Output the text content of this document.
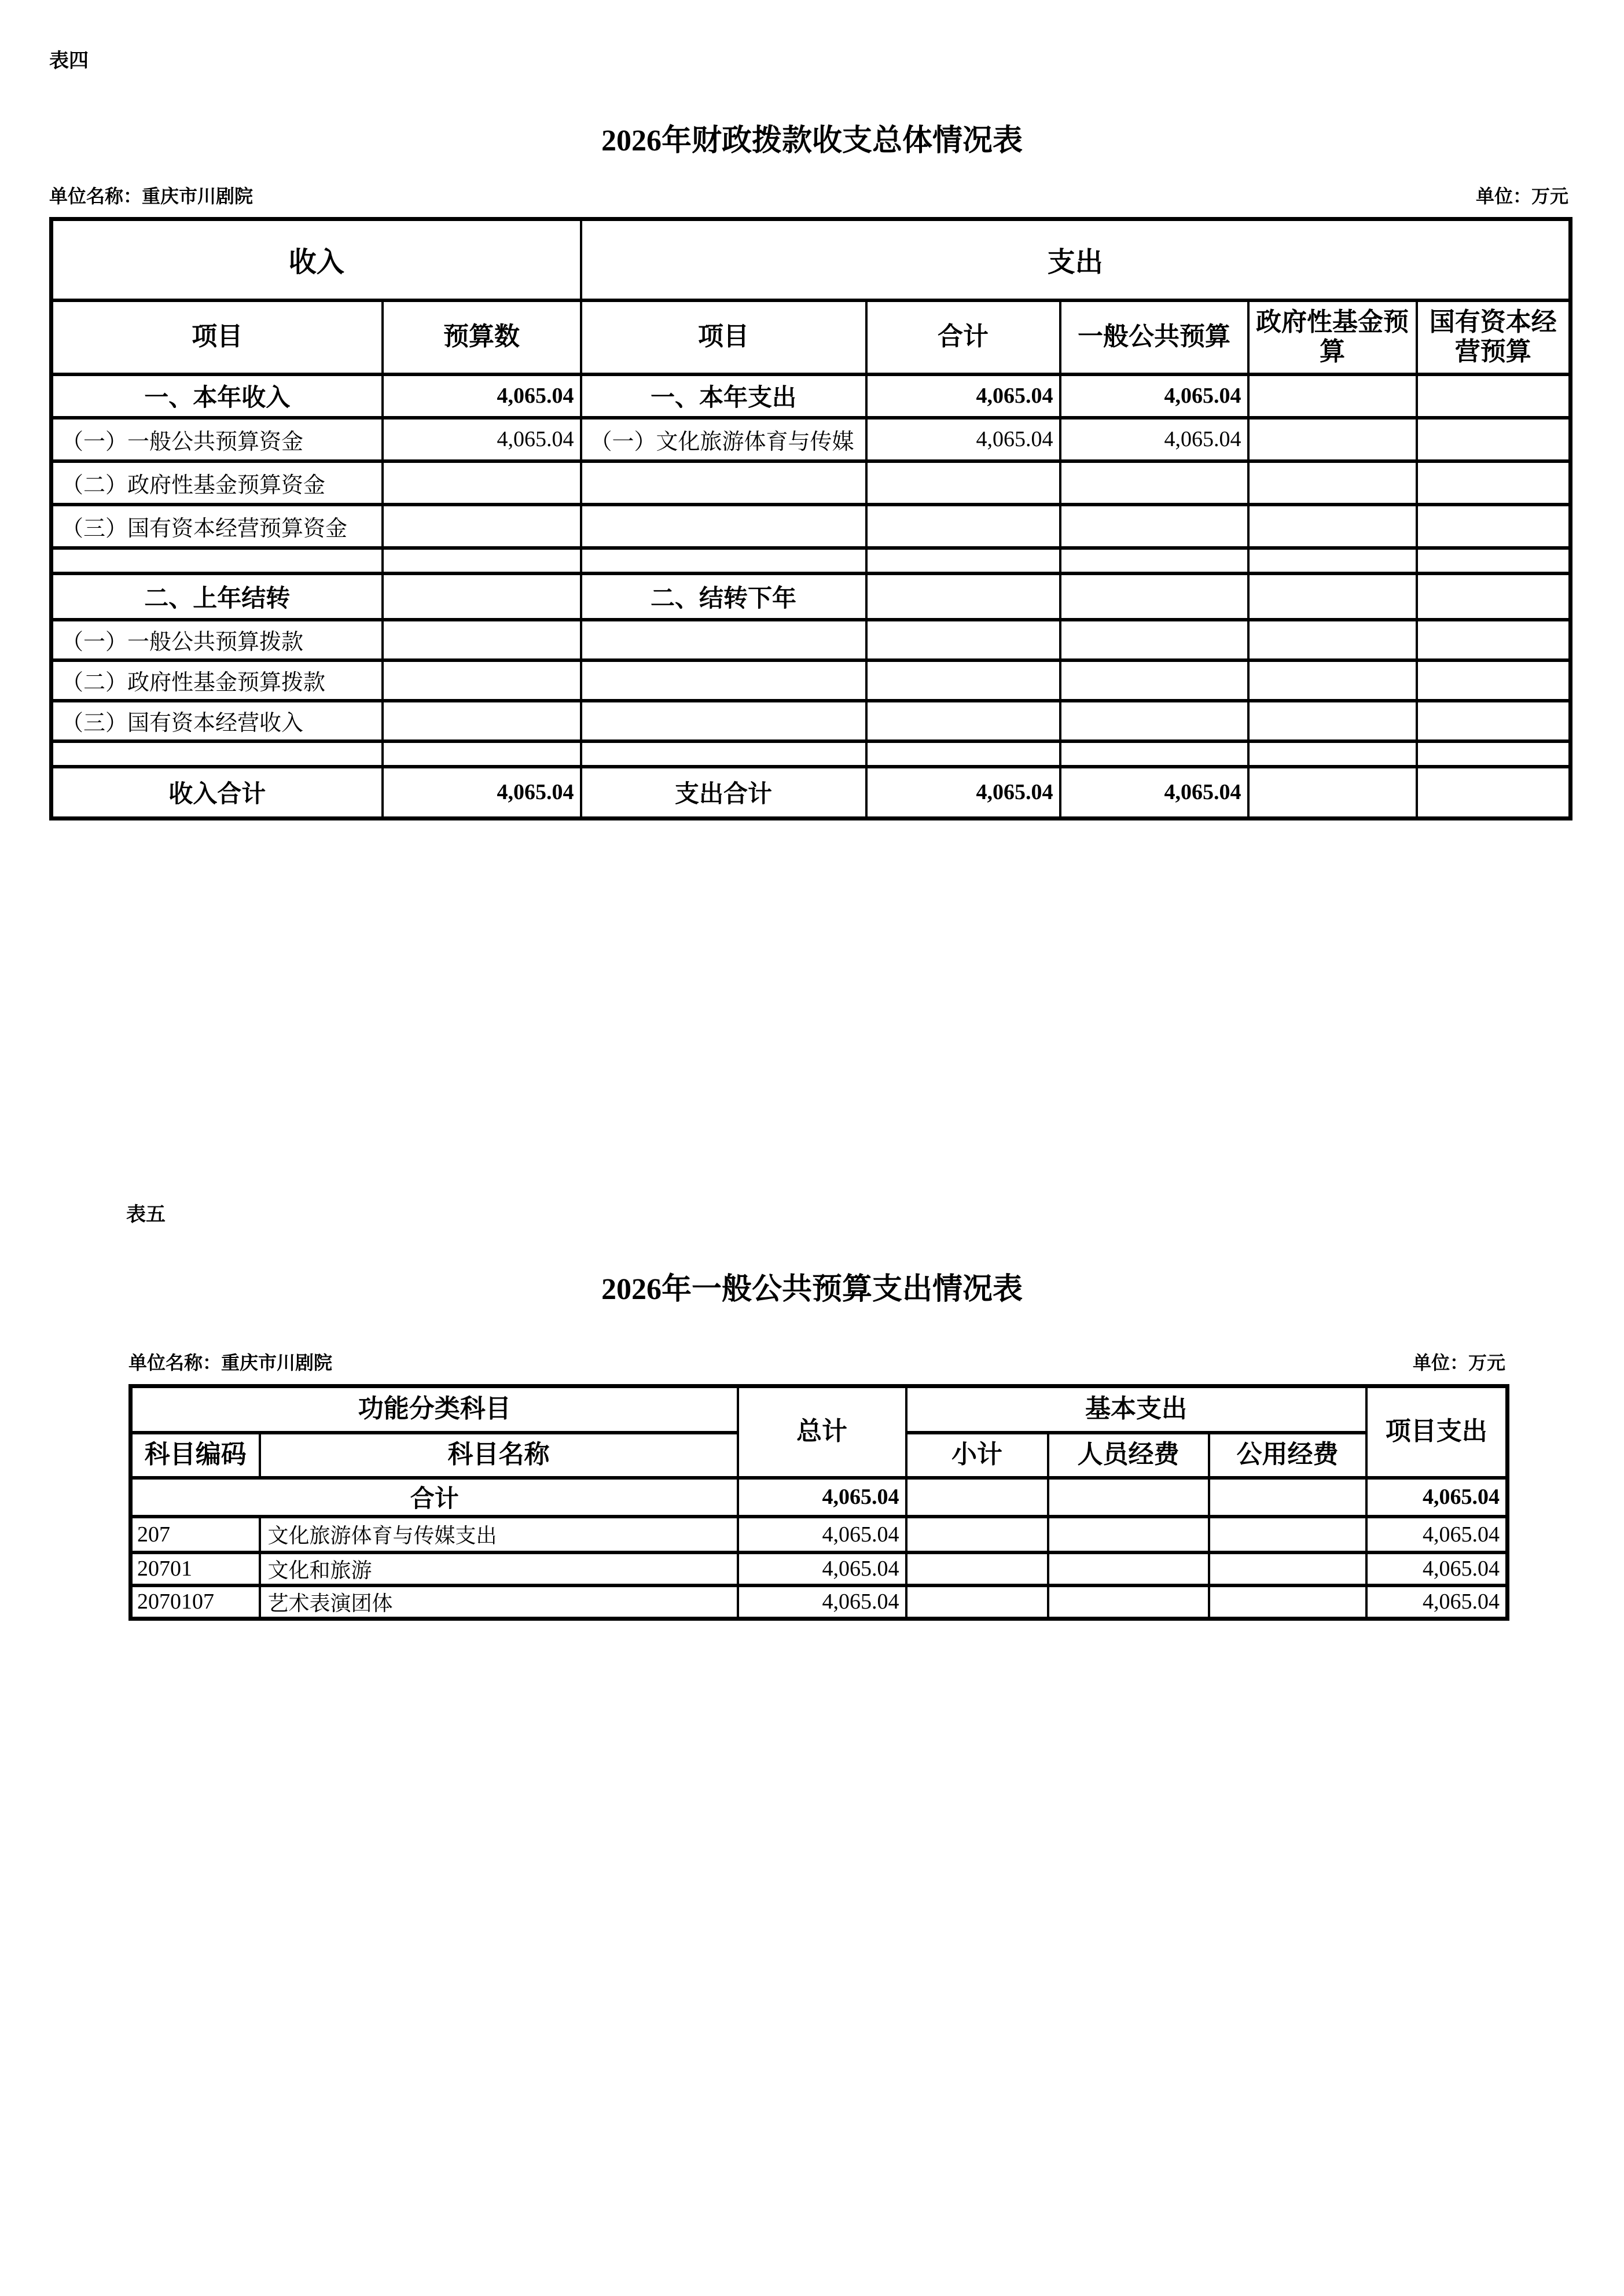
表四
2026年财政拨款收支总体情况表
单位名称：重庆市川剧院	单位：万元
收入		支出				
项目	预算数	项目	合计	一般公共预算	政府性基金预算	国有资本经营预算
一、本年收入	4,065.04	一、本年支出	4,065.04	4,065.04		
（一）一般公共预算资金	4,065.04	（一）文化旅游体育与传媒	4,065.04	4,065.04		
（二）政府性基金预算资金						
（三）国有资本经营预算资金						

二、上年结转		二、结转下年				
（一）一般公共预算拨款						
（二）政府性基金预算拨款						
（三）国有资本经营收入						

收入合计	4,065.04	支出合计	4,065.04	4,065.04		
表五
2026年一般公共预算支出情况表
单位名称：重庆市川剧院	单位：万元
功能分类科目		总计	基本支出			项目支出
科目编码	科目名称		小计	人员经费	公用经费	
合计		4,065.04				4,065.04
207	文化旅游体育与传媒支出	4,065.04				4,065.04
20701	文化和旅游	4,065.04				4,065.04
2070107	艺术表演团体	4,065.04				4,065.04
